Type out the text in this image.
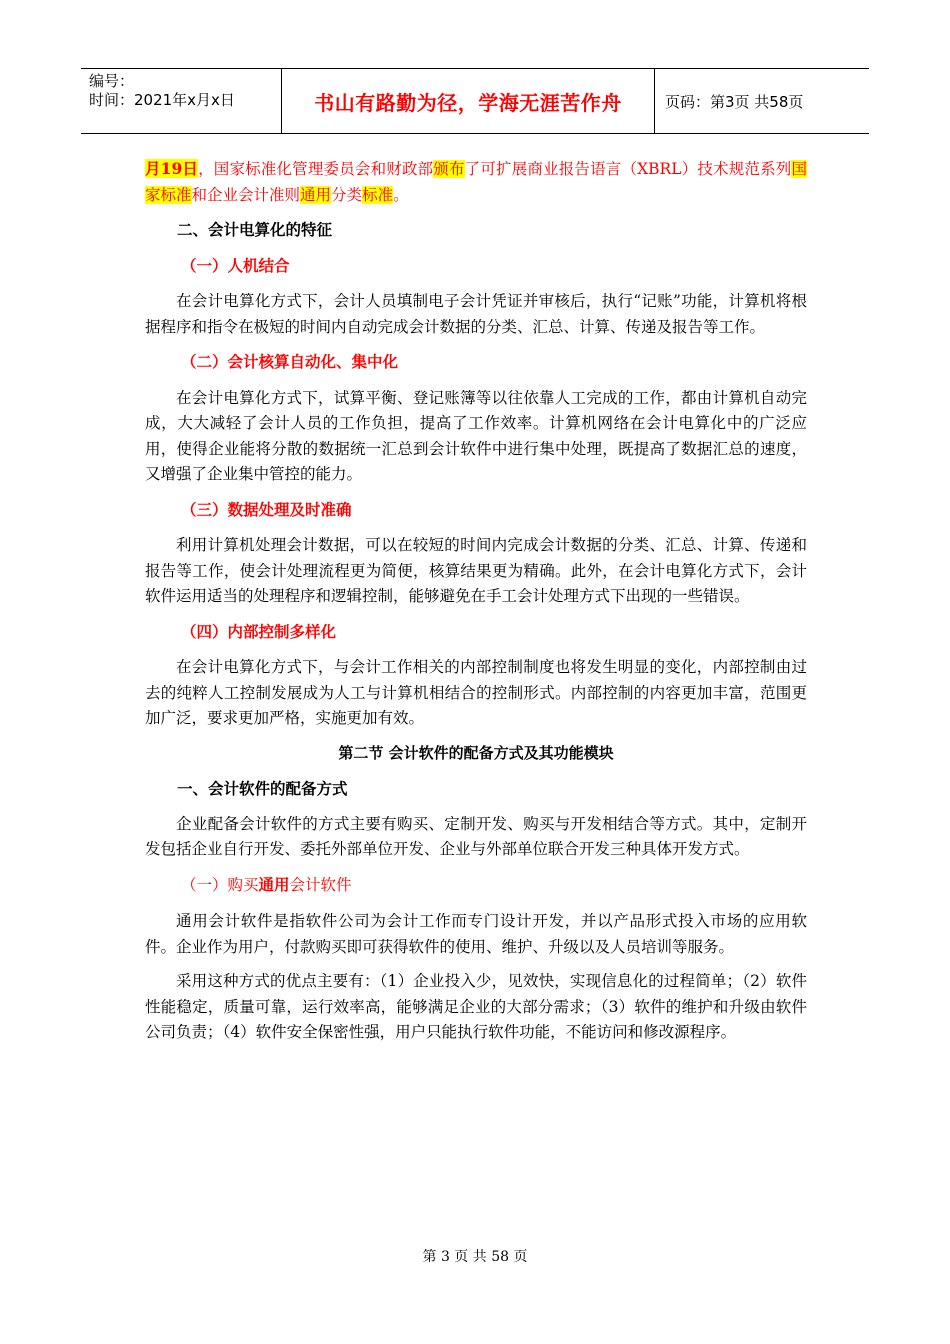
编号：
时间：2021年x月x日	书山有路勤为径，学海无涯苦作舟	页码：第3页 共58页

月19日，国家标准化管理委员会和财政部颁布了可扩展商业报告语言（XBRL）技术规范系列国家标准和企业会计准则通用分类标准。

二、会计电算化的特征

（一）人机结合

在会计电算化方式下，会计人员填制电子会计凭证并审核后，执行“记账”功能，计算机将根据程序和指令在极短的时间内自动完成会计数据的分类、汇总、计算、传递及报告等工作。

（二）会计核算自动化、集中化

在会计电算化方式下，试算平衡、登记账簿等以往依靠人工完成的工作，都由计算机自动完成，大大减轻了会计人员的工作负担，提高了工作效率。计算机网络在会计电算化中的广泛应用，使得企业能将分散的数据统一汇总到会计软件中进行集中处理，既提高了数据汇总的速度，又增强了企业集中管控的能力。

（三）数据处理及时准确

利用计算机处理会计数据，可以在较短的时间内完成会计数据的分类、汇总、计算、传递和报告等工作，使会计处理流程更为简便，核算结果更为精确。此外，在会计电算化方式下，会计软件运用适当的处理程序和逻辑控制，能够避免在手工会计处理方式下出现的一些错误。

（四）内部控制多样化

在会计电算化方式下，与会计工作相关的内部控制制度也将发生明显的变化，内部控制由过去的纯粹人工控制发展成为人工与计算机相结合的控制形式。内部控制的内容更加丰富，范围更加广泛，要求更加严格，实施更加有效。

第二节 会计软件的配备方式及其功能模块

一、会计软件的配备方式

企业配备会计软件的方式主要有购买、定制开发、购买与开发相结合等方式。其中，定制开发包括企业自行开发、委托外部单位开发、企业与外部单位联合开发三种具体开发方式。

（一）购买通用会计软件

通用会计软件是指软件公司为会计工作而专门设计开发，并以产品形式投入市场的应用软件。企业作为用户，付款购买即可获得软件的使用、维护、升级以及人员培训等服务。

采用这种方式的优点主要有：（1）企业投入少，见效快，实现信息化的过程简单；（2）软件性能稳定，质量可靠，运行效率高，能够满足企业的大部分需求；（3）软件的维护和升级由软件公司负责；（4）软件安全保密性强，用户只能执行软件功能，不能访问和修改源程序。

第 3 页 共 58 页
